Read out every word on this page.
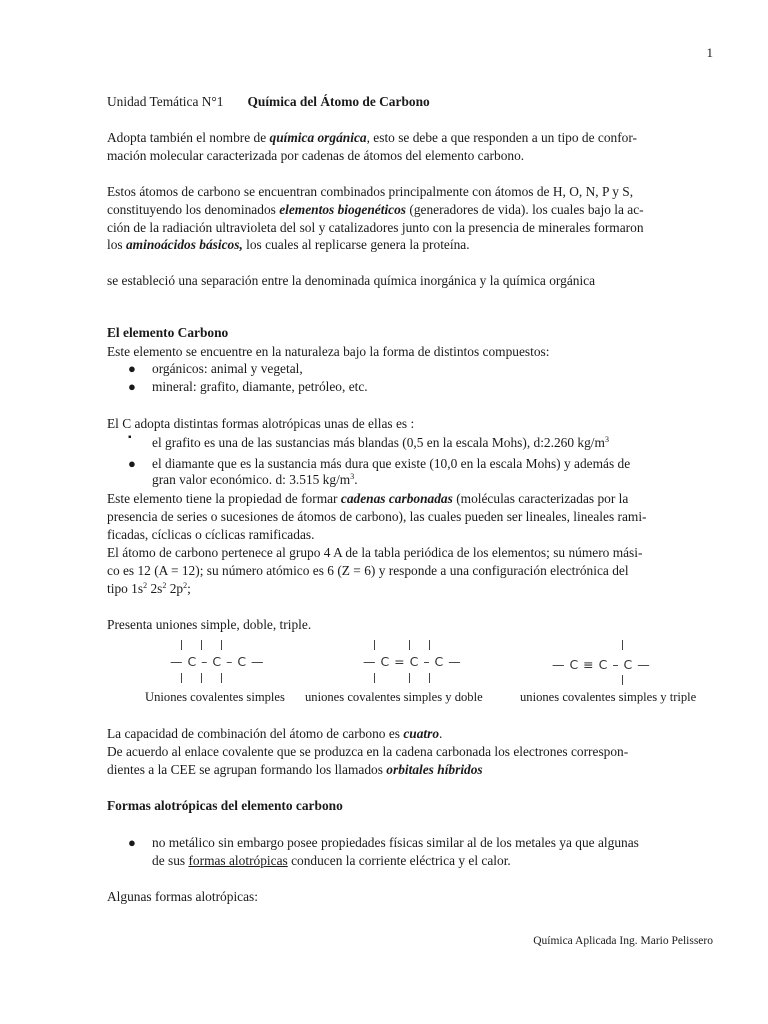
1
Unidad Temática N°1 Química del Átomo de Carbono
Adopta también el nombre de química orgánica, esto se debe a que responden a un tipo de confor-
mación molecular caracterizada por cadenas de átomos del elemento carbono.
Estos átomos de carbono se encuentran combinados principalmente con átomos de H, O, N, P y S,
constituyendo los denominados elementos biogenéticos (generadores de vida). los cuales bajo la ac-
ción de la radiación ultravioleta del sol y catalizadores junto con la presencia de minerales formaron
los aminoácidos básicos, los cuales al replicarse genera la proteína.
se estableció una separación entre la denominada química inorgánica y la química orgánica
El elemento Carbono
Este elemento se encuentre en la naturaleza bajo la forma de distintos compuestos:
● orgánicos: animal y vegetal,
● mineral: grafito, diamante, petróleo, etc.
El C adopta distintas formas alotrópicas unas de ellas es :
▪ el grafito es una de las sustancias más blandas (0,5 en la escala Mohs), d:2.260 $kg/m^3$
● el diamante que es la sustancia más dura que existe (10,0 en la escala Mohs) y además de
gran valor económico. d: 3.515 $kg/m^3$.
Este elemento tiene la propiedad de formar cadenas carbonadas (moléculas caracterizadas por la
presencia de series o sucesiones de átomos de carbono), las cuales pueden ser lineales, lineales rami-
ficadas, cíclicas o cíclicas ramificadas.
El átomo de carbono pertenece al grupo 4 A de la tabla periódica de los elementos; su número mási-
co es 12 (A = 12); su número atómico es 6 (Z = 6) y responde a una configuración electrónica del
tipo $1s^2$ $2s^2$ $2p^2$;
Presenta uniones simple, doble, triple.
— C – C – C —	— C = C – C —	— C ≡ C – C —
Uniones covalentes simples uniones covalentes simples y doble	uniones covalentes simples y triple
La capacidad de combinación del átomo de carbono es cuatro.
De acuerdo al enlace covalente que se produzca en la cadena carbonada los electrones correspon-
dientes a la CEE se agrupan formando los llamados orbitales híbridos
Formas alotrópicas del elemento carbono
● no metálico sin embargo posee propiedades físicas similar al de los metales ya que algunas
de sus formas alotrópicas conducen la corriente eléctrica y el calor.
Algunas formas alotrópicas:
Química Aplicada Ing. Mario Pelissero
